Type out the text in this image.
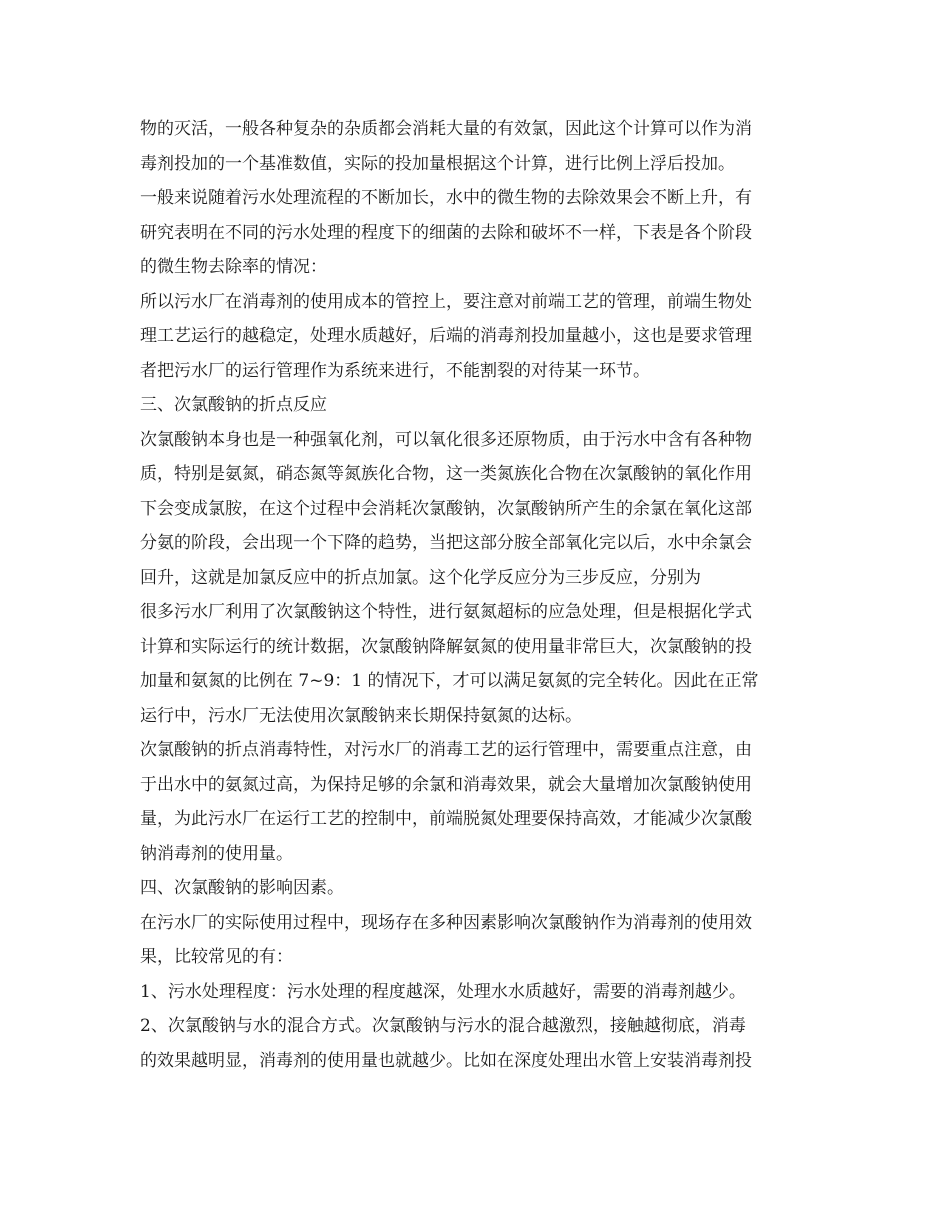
物的灭活，一般各种复杂的杂质都会消耗大量的有效氯，因此这个计算可以作为消
毒剂投加的一个基准数值，实际的投加量根据这个计算，进行比例上浮后投加。
一般来说随着污水处理流程的不断加长，水中的微生物的去除效果会不断上升，有
研究表明在不同的污水处理的程度下的细菌的去除和破坏不一样，下表是各个阶段
的微生物去除率的情况：
所以污水厂在消毒剂的使用成本的管控上，要注意对前端工艺的管理，前端生物处
理工艺运行的越稳定，处理水质越好，后端的消毒剂投加量越小，这也是要求管理
者把污水厂的运行管理作为系统来进行，不能割裂的对待某一环节。
三、次氯酸钠的折点反应
次氯酸钠本身也是一种强氧化剂，可以氧化很多还原物质，由于污水中含有各种物
质，特别是氨氮，硝态氮等氮族化合物，这一类氮族化合物在次氯酸钠的氧化作用
下会变成氯胺，在这个过程中会消耗次氯酸钠，次氯酸钠所产生的余氯在氧化这部
分氨的阶段，会出现一个下降的趋势，当把这部分胺全部氧化完以后，水中余氯会
回升，这就是加氯反应中的折点加氯。这个化学反应分为三步反应，分别为
很多污水厂利用了次氯酸钠这个特性，进行氨氮超标的应急处理，但是根据化学式
计算和实际运行的统计数据，次氯酸钠降解氨氮的使用量非常巨大，次氯酸钠的投
加量和氨氮的比例在 7~9：1 的情况下，才可以满足氨氮的完全转化。因此在正常
运行中，污水厂无法使用次氯酸钠来长期保持氨氮的达标。
次氯酸钠的折点消毒特性，对污水厂的消毒工艺的运行管理中，需要重点注意，由
于出水中的氨氮过高，为保持足够的余氯和消毒效果，就会大量增加次氯酸钠使用
量，为此污水厂在运行工艺的控制中，前端脱氮处理要保持高效，才能减少次氯酸
钠消毒剂的使用量。
四、次氯酸钠的影响因素。
在污水厂的实际使用过程中，现场存在多种因素影响次氯酸钠作为消毒剂的使用效
果，比较常见的有：
1、污水处理程度：污水处理的程度越深，处理水水质越好，需要的消毒剂越少。
2、次氯酸钠与水的混合方式。次氯酸钠与污水的混合越激烈，接触越彻底，消毒
的效果越明显，消毒剂的使用量也就越少。比如在深度处理出水管上安装消毒剂投
